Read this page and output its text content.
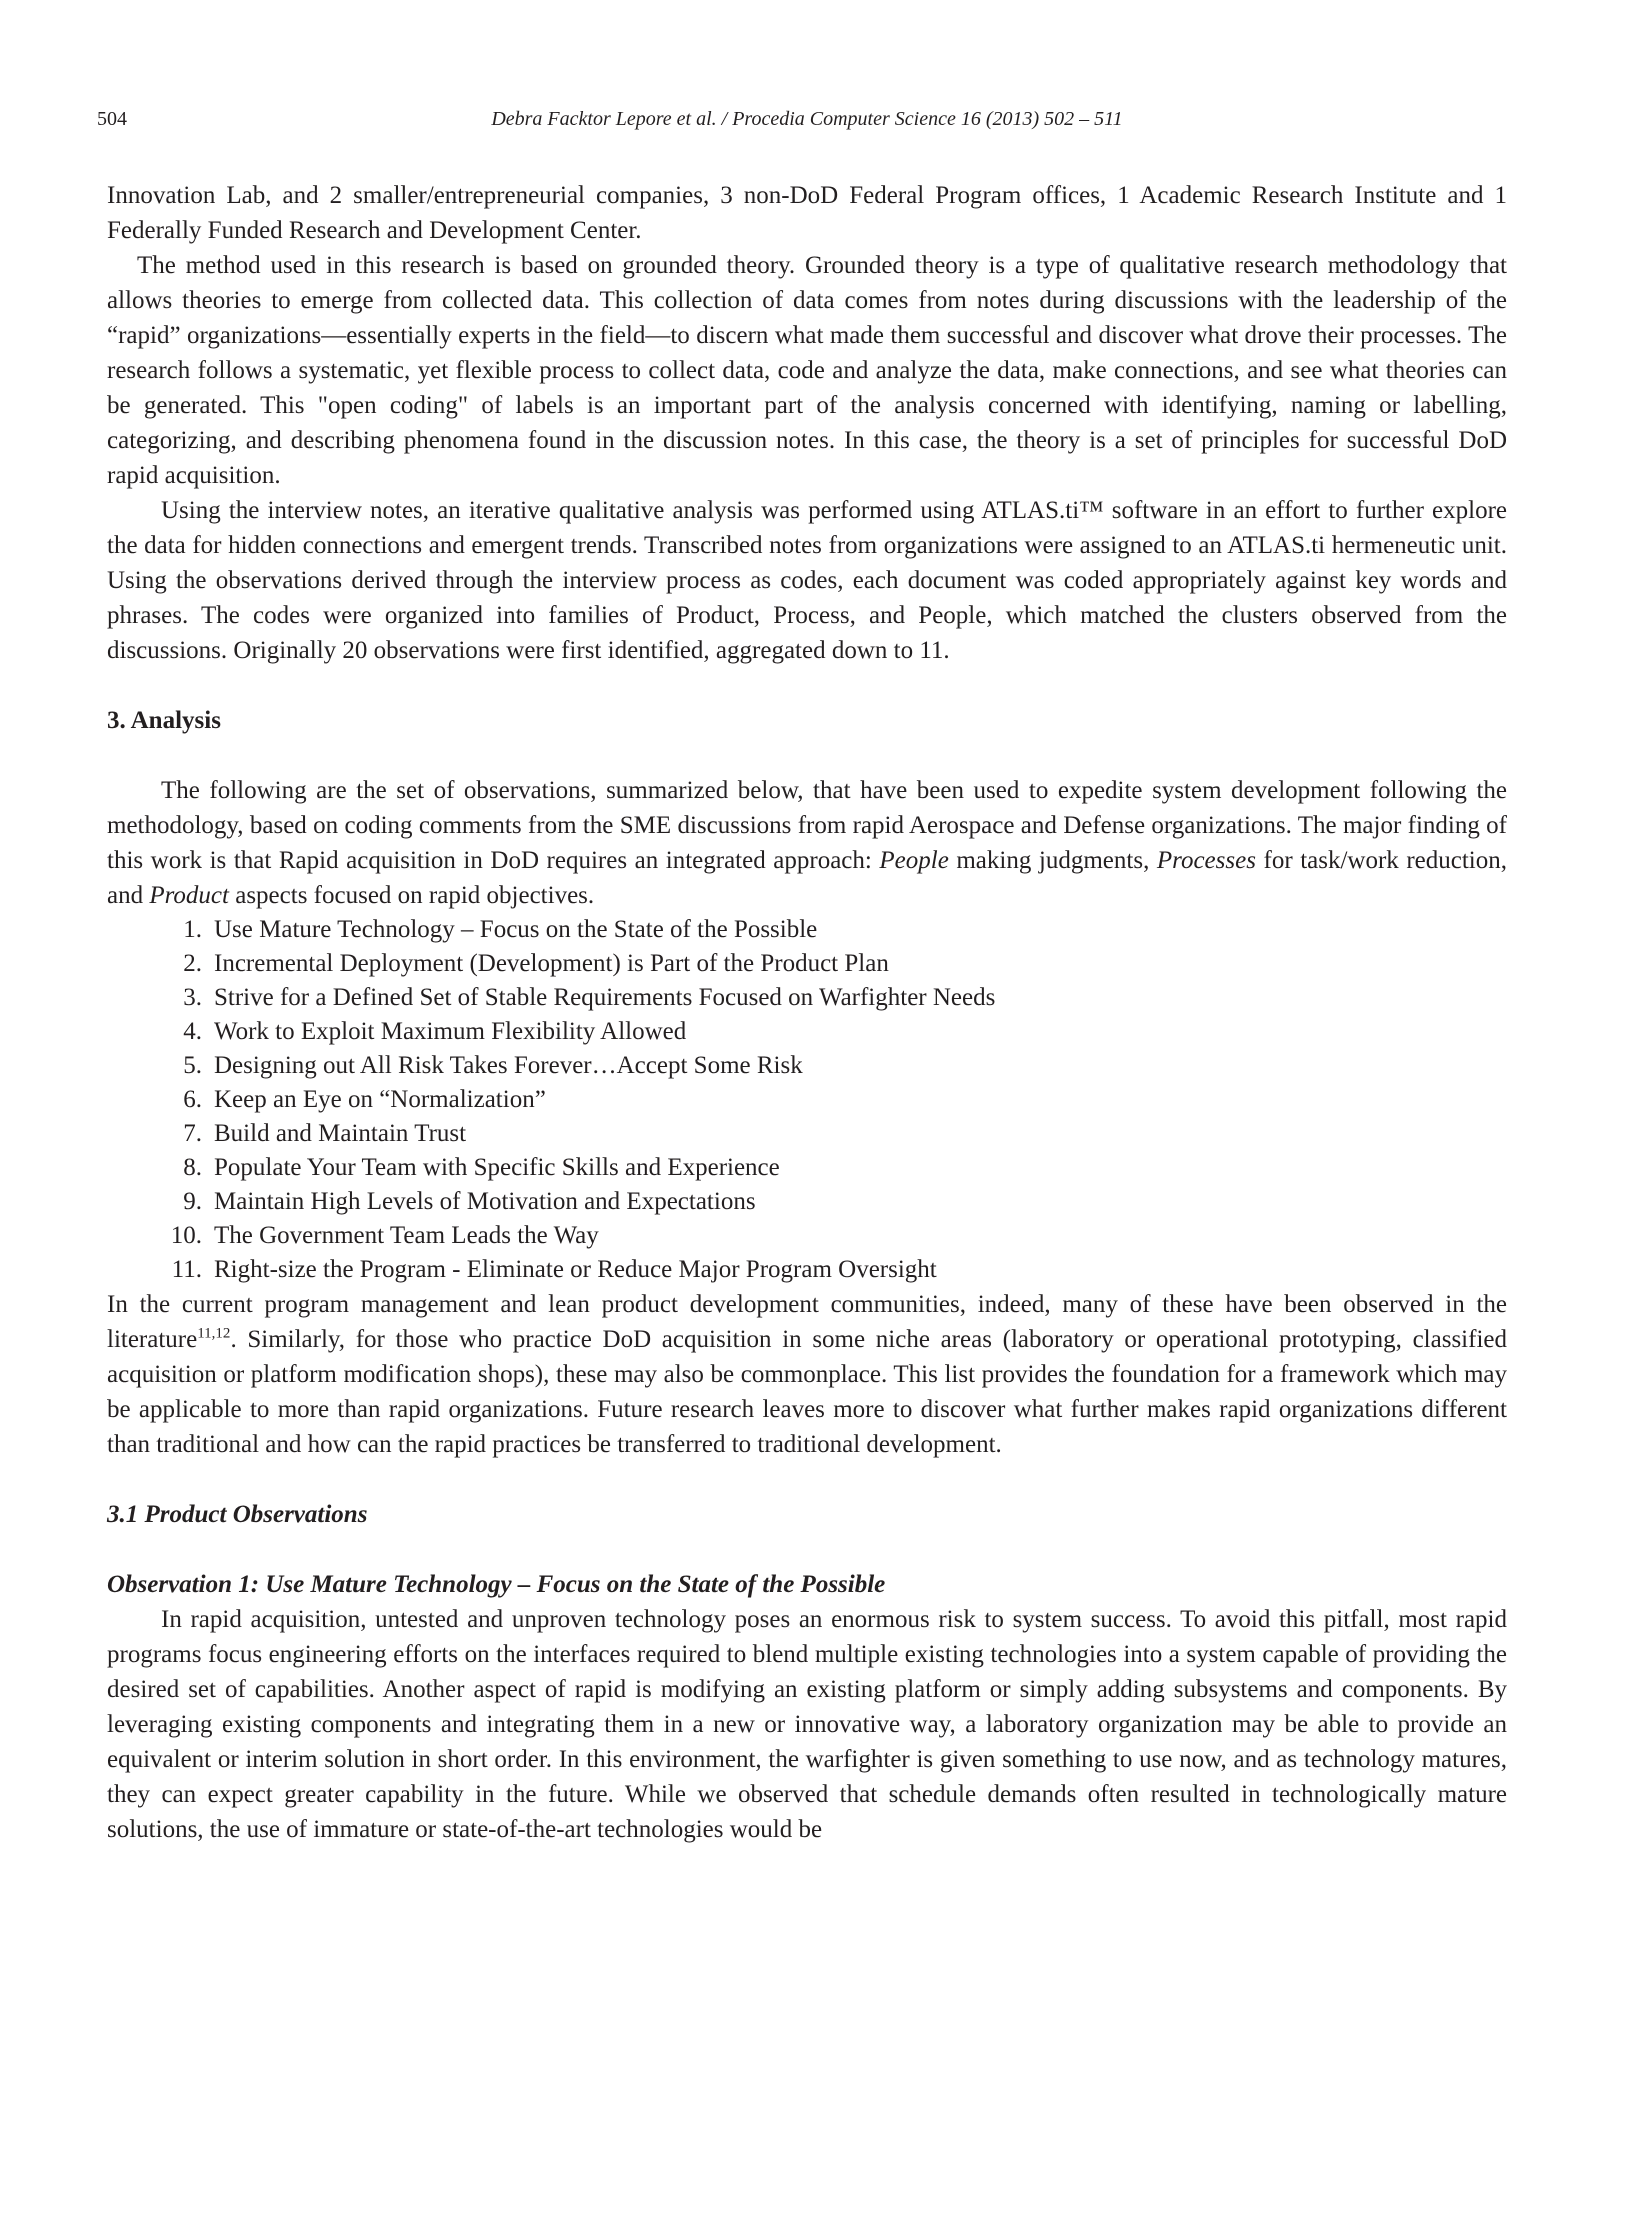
504	Debra Facktor Lepore et al. / Procedia Computer Science 16 (2013) 502 – 511

Innovation Lab, and 2 smaller/entrepreneurial companies, 3 non-DoD Federal Program offices, 1 Academic Research Institute and 1 Federally Funded Research and Development Center.

The method used in this research is based on grounded theory. Grounded theory is a type of qualitative research methodology that allows theories to emerge from collected data. This collection of data comes from notes during discussions with the leadership of the “rapid” organizations—essentially experts in the field—to discern what made them successful and discover what drove their processes. The research follows a systematic, yet flexible process to collect data, code and analyze the data, make connections, and see what theories can be generated. This "open coding" of labels is an important part of the analysis concerned with identifying, naming or labelling, categorizing, and describing phenomena found in the discussion notes. In this case, the theory is a set of principles for successful DoD rapid acquisition.

Using the interview notes, an iterative qualitative analysis was performed using ATLAS.ti™ software in an effort to further explore the data for hidden connections and emergent trends. Transcribed notes from organizations were assigned to an ATLAS.ti hermeneutic unit. Using the observations derived through the interview process as codes, each document was coded appropriately against key words and phrases. The codes were organized into families of Product, Process, and People, which matched the clusters observed from the discussions. Originally 20 observations were first identified, aggregated down to 11.

3. Analysis

The following are the set of observations, summarized below, that have been used to expedite system development following the methodology, based on coding comments from the SME discussions from rapid Aerospace and Defense organizations. The major finding of this work is that Rapid acquisition in DoD requires an integrated approach: People making judgments, Processes for task/work reduction, and Product aspects focused on rapid objectives.

1. Use Mature Technology – Focus on the State of the Possible
2. Incremental Deployment (Development) is Part of the Product Plan
3. Strive for a Defined Set of Stable Requirements Focused on Warfighter Needs
4. Work to Exploit Maximum Flexibility Allowed
5. Designing out All Risk Takes Forever…Accept Some Risk
6. Keep an Eye on “Normalization”
7. Build and Maintain Trust
8. Populate Your Team with Specific Skills and Experience
9. Maintain High Levels of Motivation and Expectations
10. The Government Team Leads the Way
11. Right-size the Program - Eliminate or Reduce Major Program Oversight

In the current program management and lean product development communities, indeed, many of these have been observed in the literature$^{11,12}$. Similarly, for those who practice DoD acquisition in some niche areas (laboratory or operational prototyping, classified acquisition or platform modification shops), these may also be commonplace. This list provides the foundation for a framework which may be applicable to more than rapid organizations. Future research leaves more to discover what further makes rapid organizations different than traditional and how can the rapid practices be transferred to traditional development.

3.1 Product Observations
Observation 1: Use Mature Technology – Focus on the State of the Possible

In rapid acquisition, untested and unproven technology poses an enormous risk to system success. To avoid this pitfall, most rapid programs focus engineering efforts on the interfaces required to blend multiple existing technologies into a system capable of providing the desired set of capabilities. Another aspect of rapid is modifying an existing platform or simply adding subsystems and components. By leveraging existing components and integrating them in a new or innovative way, a laboratory organization may be able to provide an equivalent or interim solution in short order. In this environment, the warfighter is given something to use now, and as technology matures, they can expect greater capability in the future. While we observed that schedule demands often resulted in technologically mature solutions, the use of immature or state-of-the-art technologies would be
